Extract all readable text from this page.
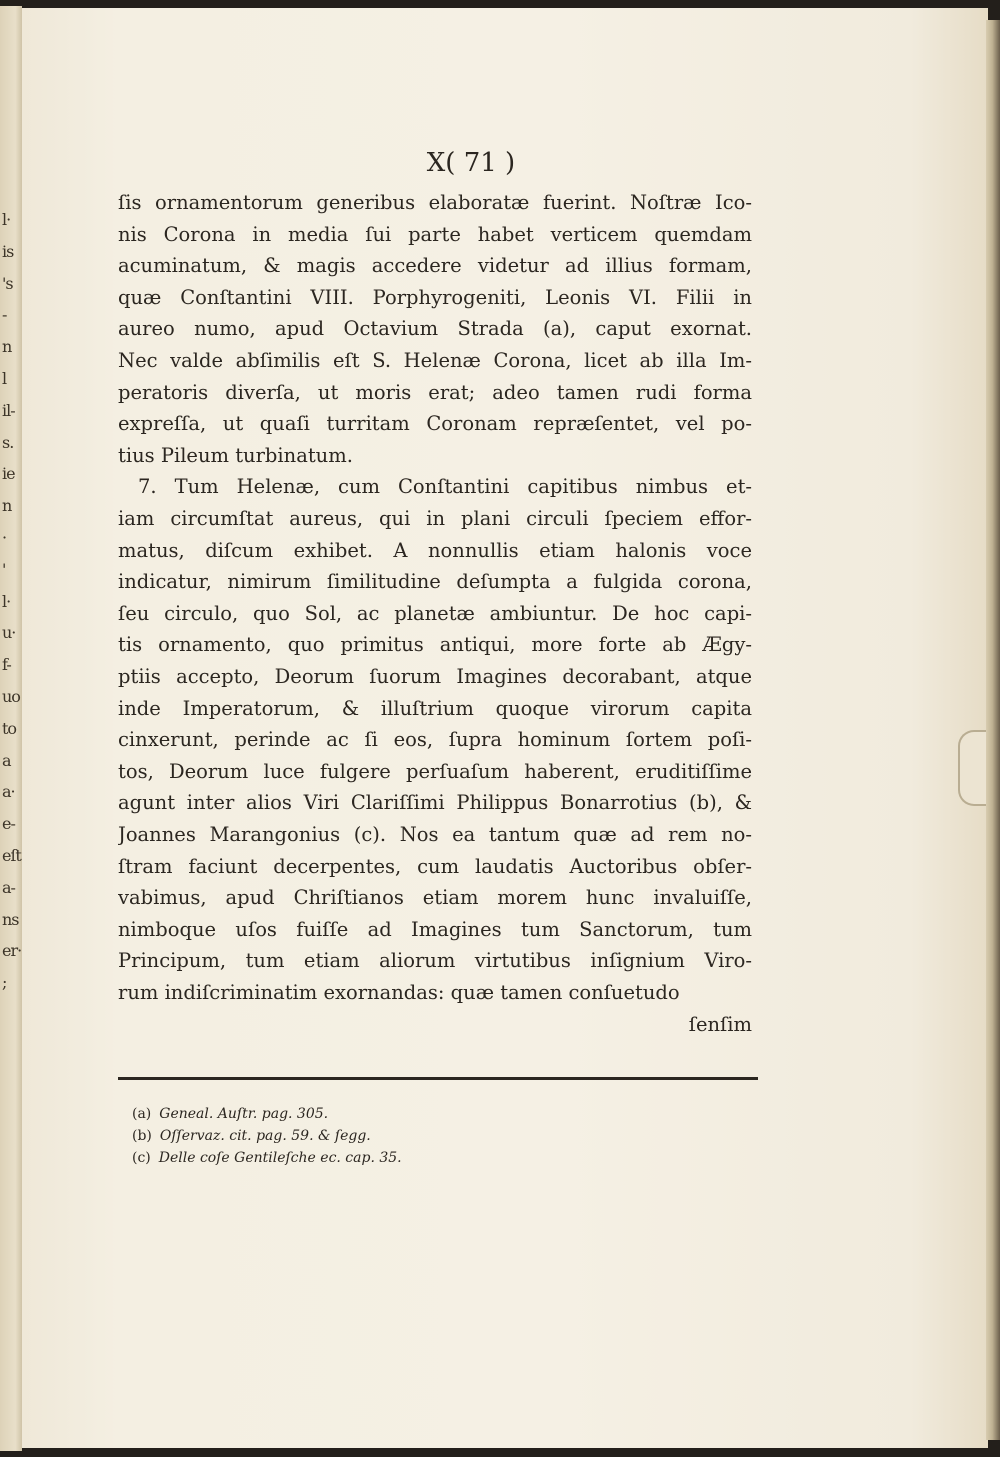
l·
is
's
-
n
l
il-
s.
ie
n
·
'
l·
u·
f-
uo
to
a
a·
e-
eſt
a-
ns
er·
;
X( 71 )
ſis ornamentorum generibus elaboratæ fuerint. Noſtræ Ico-
nis Corona in media ſui parte habet verticem quemdam
acuminatum, & magis accedere videtur ad illius formam,
quæ Conſtantini VIII. Porphyrogeniti, Leonis VI. Filii in
aureo numo, apud Octavium Strada (a), caput exornat.
Nec valde abſimilis eſt S. Helenæ Corona, licet ab illa Im-
peratoris diverſa, ut moris erat; adeo tamen rudi forma
expreſſa, ut quaſi turritam Coronam repræſentet, vel po-
tius Pileum turbinatum.
7. Tum Helenæ, cum Conſtantini capitibus nimbus et-
iam circumſtat aureus, qui in plani circuli ſpeciem effor-
matus, diſcum exhibet. A nonnullis etiam halonis voce
indicatur, nimirum ſimilitudine deſumpta a fulgida corona,
ſeu circulo, quo Sol, ac planetæ ambiuntur. De hoc capi-
tis ornamento, quo primitus antiqui, more forte ab Ægy-
ptiis accepto, Deorum ſuorum Imagines decorabant, atque
inde Imperatorum, & illuſtrium quoque virorum capita
cinxerunt, perinde ac ſi eos, ſupra hominum ſortem poſi-
tos, Deorum luce fulgere perſuaſum haberent, eruditiſſime
agunt inter alios Viri Clariſſimi Philippus Bonarrotius (b), &
Joannes Marangonius (c). Nos ea tantum quæ ad rem no-
ſtram faciunt decerpentes, cum laudatis Auctoribus obſer-
vabimus, apud Chriſtianos etiam morem hunc invaluiſſe,
nimboque uſos fuiſſe ad Imagines tum Sanctorum, tum
Principum, tum etiam aliorum virtutibus inſignium Viro-
rum indiſcriminatim exornandas: quæ tamen conſuetudo
ſenſim
(a) Geneal. Auſtr. pag. 305.
(b) Oſſervaz. cit. pag. 59. & ſegg.
(c) Delle coſe Gentileſche ec. cap. 35.
